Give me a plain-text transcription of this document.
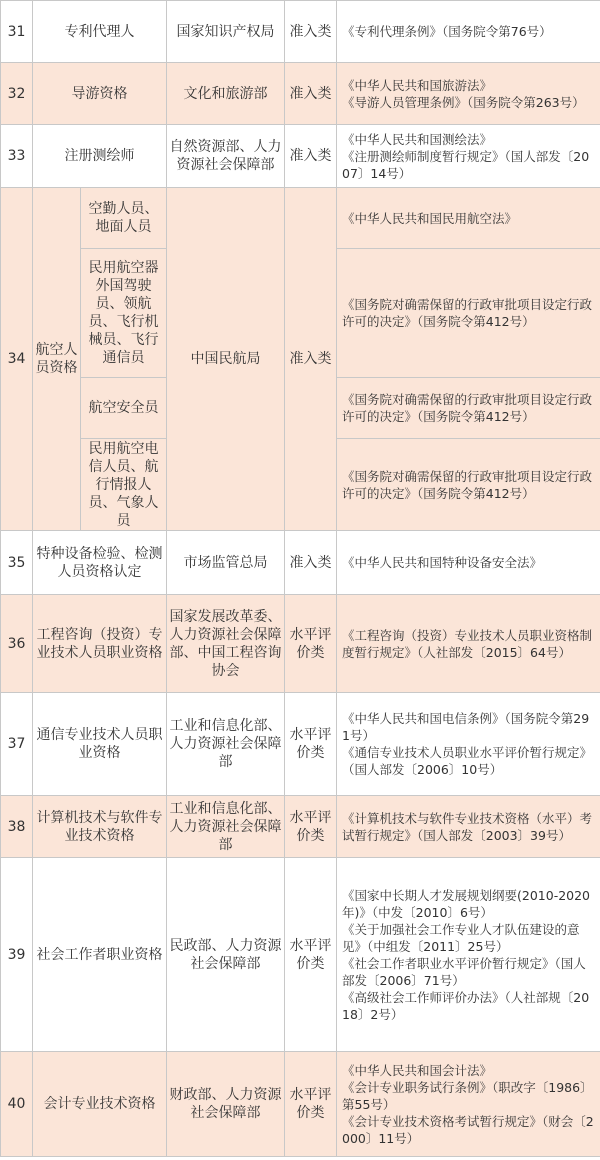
31	专利代理人		国家知识产权局	准入类	《专利代理条例》（国务院令第76号）

32	导游资格		文化和旅游部	准入类	《中华人民共和国旅游法》
《导游人员管理条例》（国务院令第263号）

33	注册测绘师		自然资源部、人力资源社会保障部	准入类	《中华人民共和国测绘法》
《注册测绘师制度暂行规定》（国人部发〔2007〕14号）

34	航空人员资格	空勤人员、地面人员	中国民航局	准入类	《中华人民共和国民用航空法》
		民用航空器外国驾驶员、领航员、飞行机械员、飞行通信员			《国务院对确需保留的行政审批项目设定行政许可的决定》（国务院令第412号）
		航空安全员			《国务院对确需保留的行政审批项目设定行政许可的决定》（国务院令第412号）
		民用航空电信人员、航行情报人员、气象人员			《国务院对确需保留的行政审批项目设定行政许可的决定》（国务院令第412号）
35	特种设备检验、检测人员资格认定		市场监管总局	准入类	《中华人民共和国特种设备安全法》

36	工程咨询（投资）专业技术人员职业资格		国家发展改革委、人力资源社会保障部、中国工程咨询协会	水平评价类	《工程咨询（投资）专业技术人员职业资格制度暂行规定》（人社部发〔2015〕64号）

37	通信专业技术人员职业资格		工业和信息化部、人力资源社会保障部	水平评价类	《中华人民共和国电信条例》（国务院令第291号）
《通信专业技术人员职业水平评价暂行规定》（国人部发〔2006〕10号）

38	计算机技术与软件专业技术资格		工业和信息化部、人力资源社会保障部	水平评价类	《计算机技术与软件专业技术资格（水平）考试暂行规定》（国人部发〔2003〕39号）

39	社会工作者职业资格		民政部、人力资源社会保障部	水平评价类	《国家中长期人才发展规划纲要(2010-2020年)》（中发〔2010〕6号）
《关于加强社会工作专业人才队伍建设的意见》（中组发〔2011〕25号）
《社会工作者职业水平评价暂行规定》（国人部发〔2006〕71号）
《高级社会工作师评价办法》（人社部规〔2018〕2号）

40	会计专业技术资格		财政部、人力资源社会保障部	水平评价类	《中华人民共和国会计法》
《会计专业职务试行条例》（职改字〔1986〕第55号）
《会计专业技术资格考试暂行规定》（财会〔2000〕11号）
